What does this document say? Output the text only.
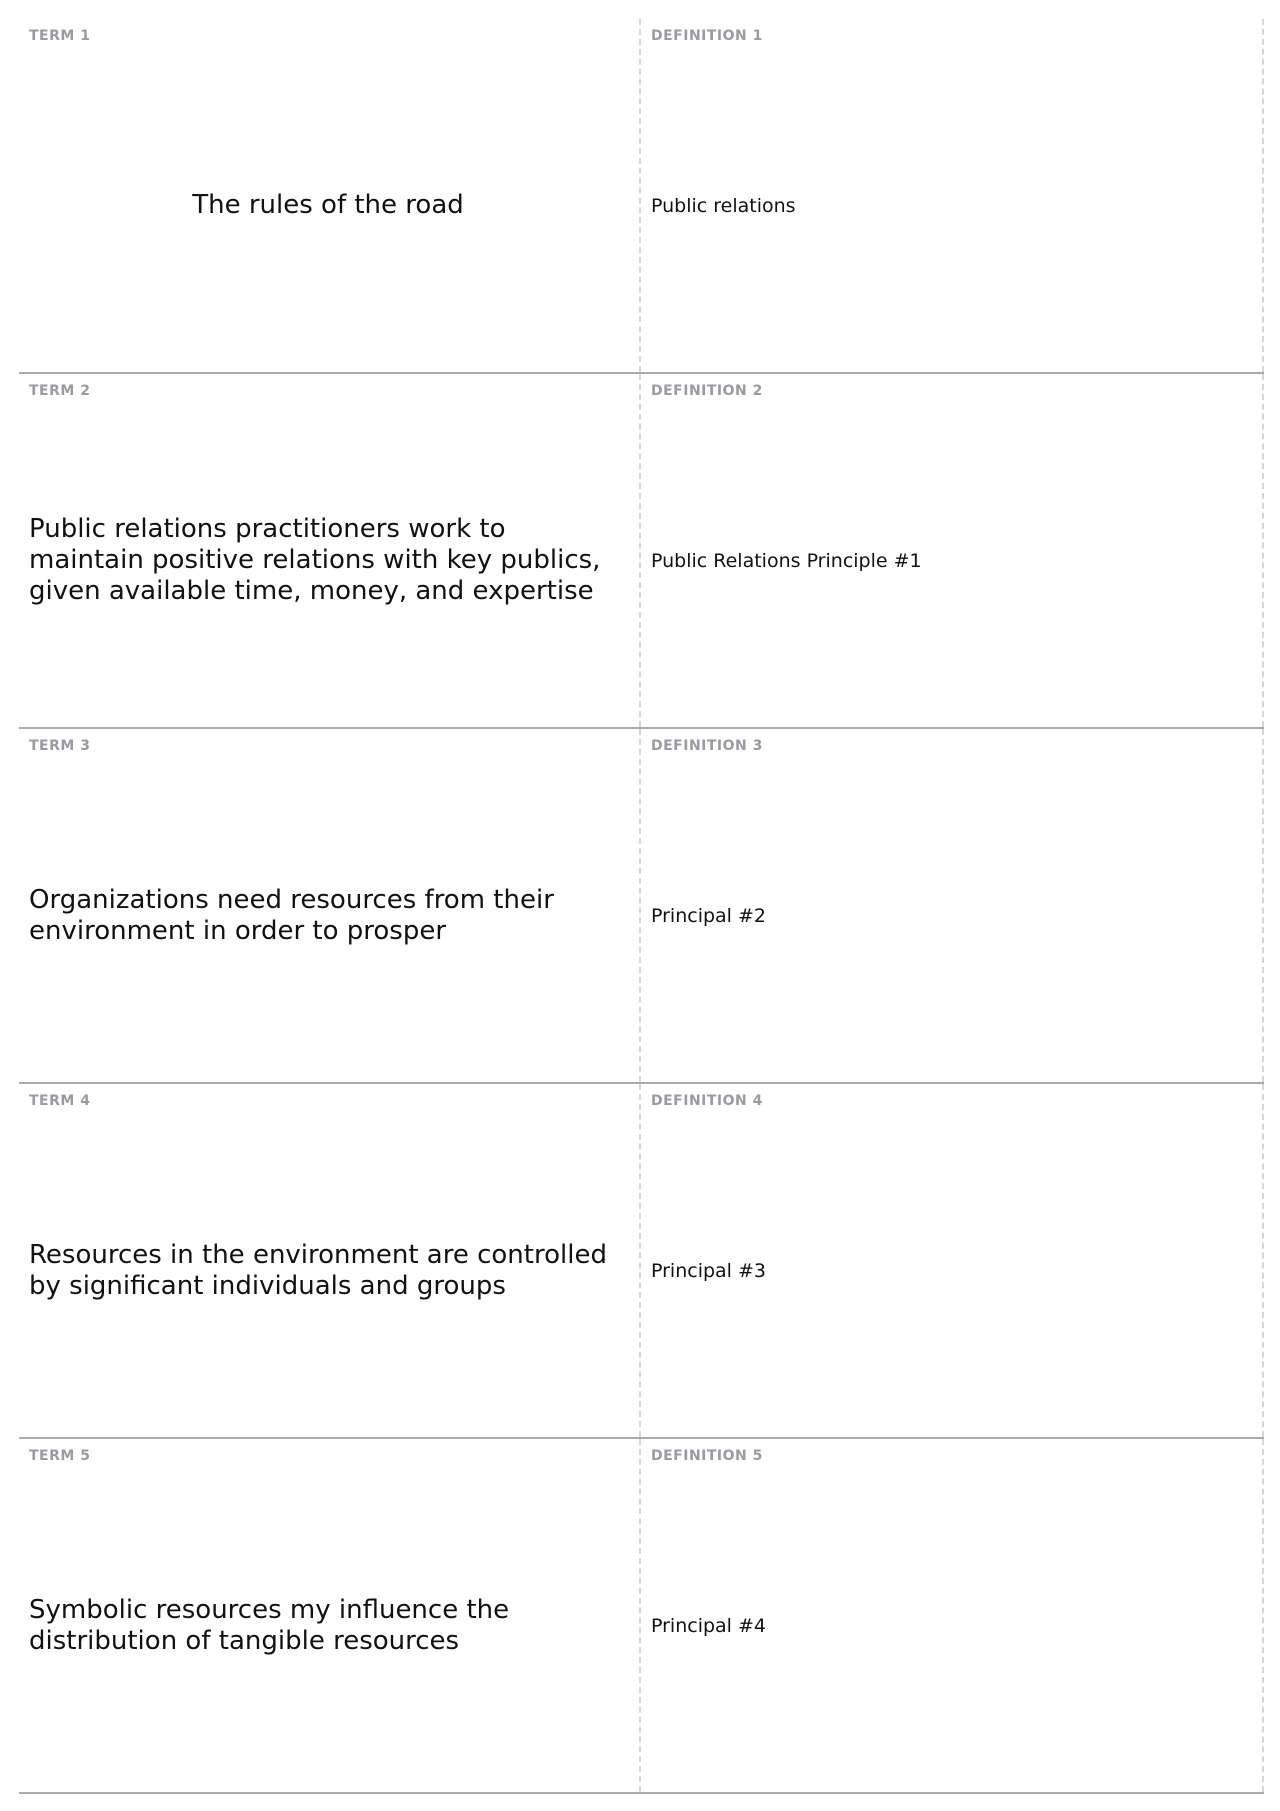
TERM 1
The rules of the road
DEFINITION 1
Public relations
TERM 2
Public relations practitioners work to maintain positive relations with key publics, given available time, money, and expertise
DEFINITION 2
Public Relations Principle #1
TERM 3
Organizations need resources from their environment in order to prosper
DEFINITION 3
Principal #2
TERM 4
Resources in the environment are controlled by significant individuals and groups
DEFINITION 4
Principal #3
TERM 5
Symbolic resources my influence the distribution of tangible resources
DEFINITION 5
Principal #4
